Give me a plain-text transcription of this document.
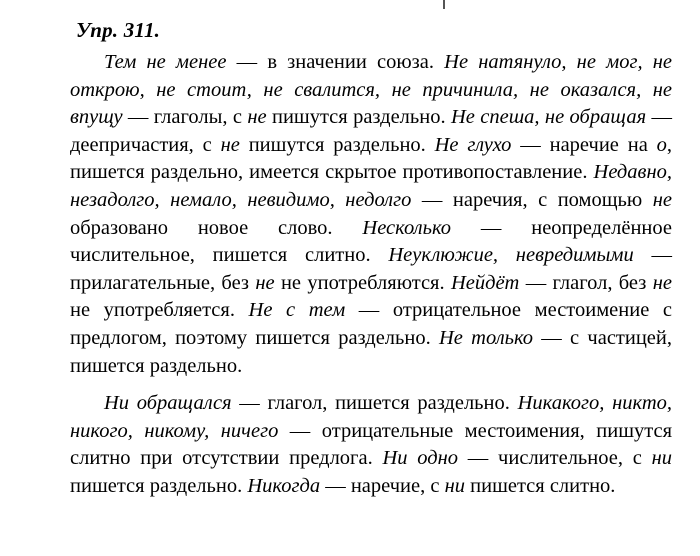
Упр. 311.

Тем не менее — в значении союза. Не натянуло, не мог, не открою, не стоит, не свалится, не причинила, не оказался, не впущу — глаголы, с не пишутся раздельно. Не спеша, не обращая — деепричастия, с не пишутся раздельно. Не глухо — наречие на о, пишется раздельно, имеется скрытое противопоставление. Недавно, незадолго, немало, невидимо, недолго — наречия, с помощью не образовано новое слово. Несколько — неопределённое числительное, пишется слитно. Неуклюжие, невредимыми — прилагательные, без не не употребляются. Нейдёт — глагол, без не не употребляется. Не с тем — отрицательное местоимение с предлогом, поэтому пишется раздельно. Не только — с частицей, пишется раздельно.

Ни обращался — глагол, пишется раздельно. Никакого, никто, никого, никому, ничего — отрицательные местоимения, пишутся слитно при отсутствии предлога. Ни одно — числительное, с ни пишется раздельно. Никогда — наречие, с ни пишется слитно.
